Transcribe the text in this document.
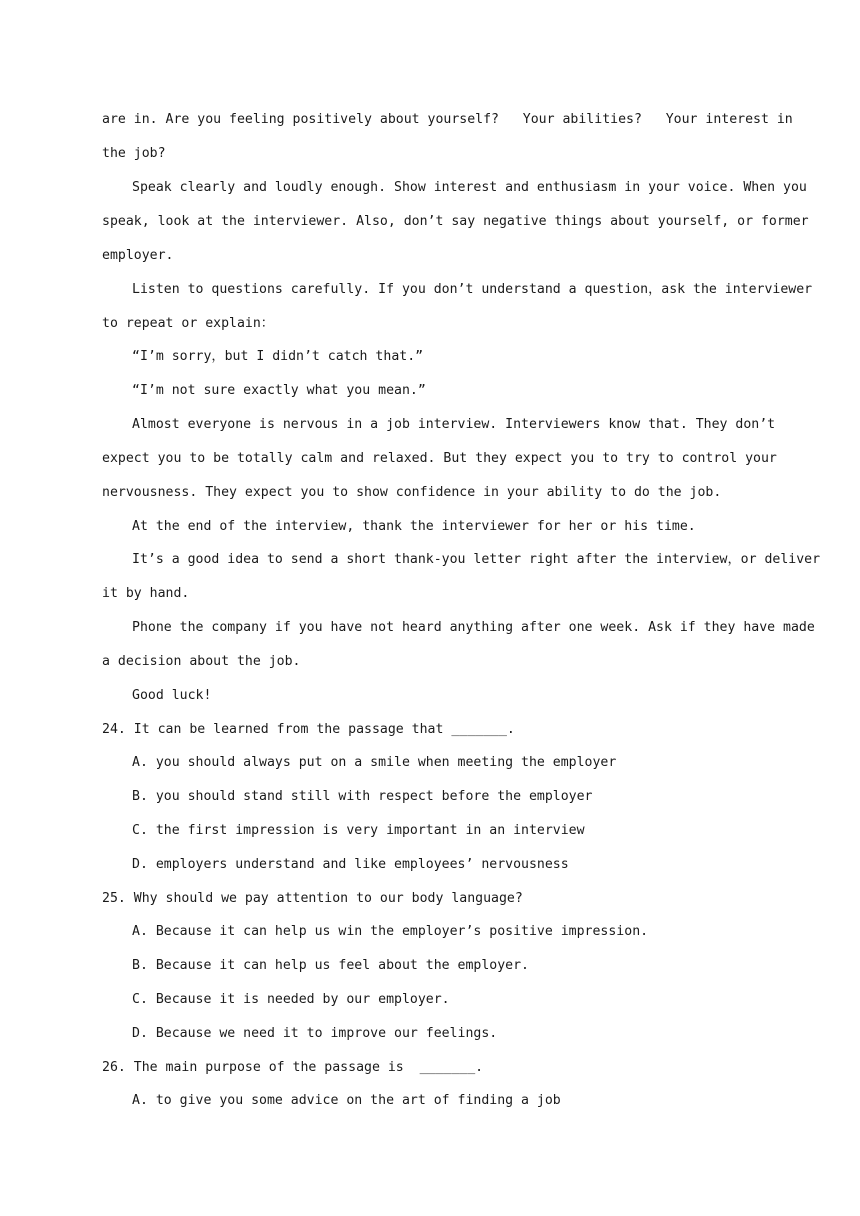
are in. Are you feeling positively about yourself?   Your abilities?   Your interest in
the job?
Speak clearly and loudly enough. Show interest and enthusiasm in your voice. When you
speak, look at the interviewer. Also, don’t say negative things about yourself, or former
employer.
Listen to questions carefully. If you don’t understand a question，ask the interviewer
to repeat or explain：
“I’m sorry，but I didn’t catch that.”
“I’m not sure exactly what you mean.”
Almost everyone is nervous in a job interview. Interviewers know that. They don’t
expect you to be totally calm and relaxed. But they expect you to try to control your
nervousness. They expect you to show confidence in your ability to do the job.
At the end of the interview, thank the interviewer for her or his time.
It’s a good idea to send a short thank-you letter right after the interview，or deliver
it by hand.
Phone the company if you have not heard anything after one week. Ask if they have made
a decision about the job.
Good luck!
24. It can be learned from the passage that _______.
A. you should always put on a smile when meeting the employer
B. you should stand still with respect before the employer
C. the first impression is very important in an interview
D. employers understand and like employees’ nervousness
25. Why should we pay attention to our body language?
A. Because it can help us win the employer’s positive impression.
B. Because it can help us feel about the employer.
C. Because it is needed by our employer.
D. Because we need it to improve our feelings.
26. The main purpose of the passage is  _______.
A. to give you some advice on the art of finding a job
